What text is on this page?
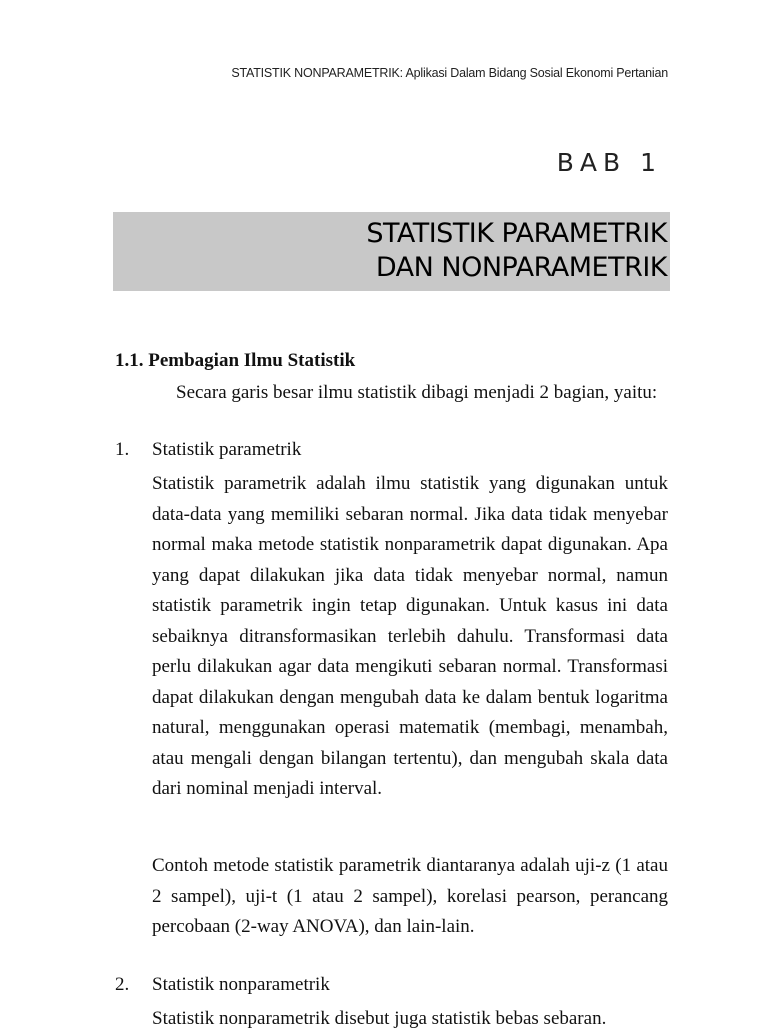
STATISTIK NONPARAMETRIK: Aplikasi Dalam Bidang Sosial Ekonomi Pertanian
BAB 1
STATISTIK PARAMETRIK
DAN NONPARAMETRIK
1.1. Pembagian Ilmu Statistik
Secara garis besar ilmu statistik dibagi menjadi 2 bagian, yaitu:
1. Statistik parametrik
Statistik parametrik adalah ilmu statistik yang digunakan untuk data-data yang memiliki sebaran normal. Jika data tidak menyebar normal maka metode statistik nonparametrik dapat digunakan. Apa yang dapat dilakukan jika data tidak menyebar normal, namun statistik parametrik ingin tetap digunakan. Untuk kasus ini data sebaiknya ditransformasikan terlebih dahulu. Transformasi data perlu dilakukan agar data mengikuti sebaran normal. Transformasi dapat dilakukan dengan mengubah data ke dalam bentuk logaritma natural, menggunakan operasi matematik (membagi, menambah, atau mengali dengan bilangan tertentu), dan mengubah skala data dari nominal menjadi interval.
Contoh metode statistik parametrik diantaranya adalah uji-z (1 atau 2 sampel), uji-t (1 atau 2 sampel), korelasi pearson, perancang percobaan (2-way ANOVA), dan lain-lain.
2. Statistik nonparametrik
Statistik nonparametrik disebut juga statistik bebas sebaran.
